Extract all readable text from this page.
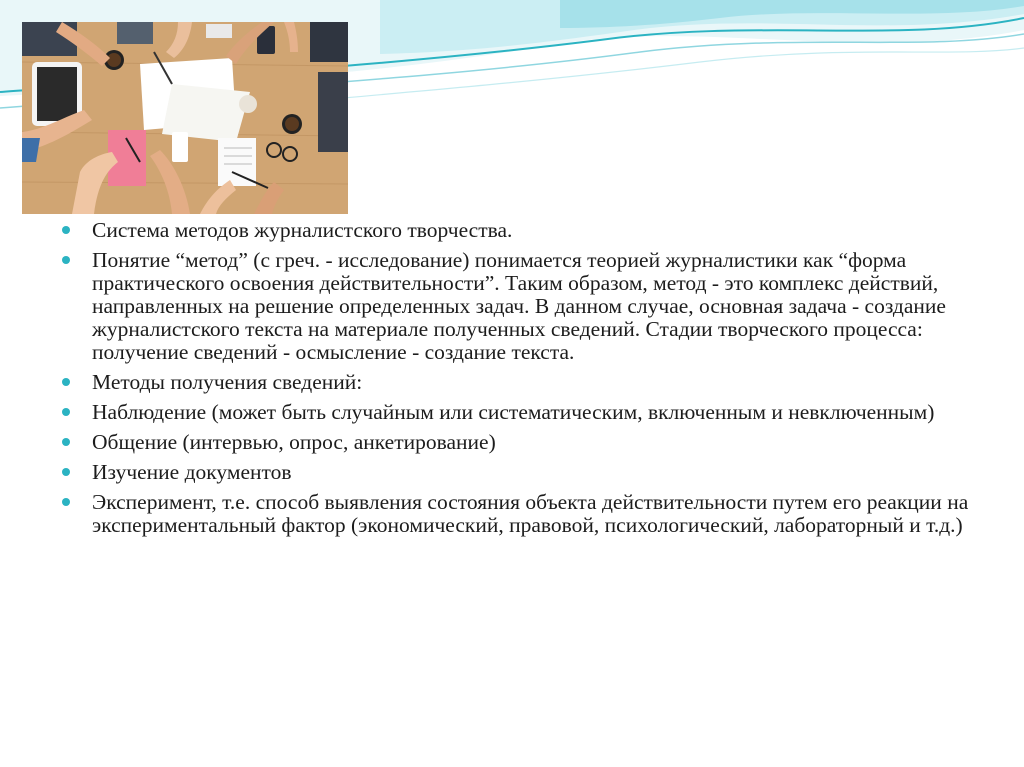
Система методов журналистского творчества.
Понятие “метод” (с греч. - исследование) понимается теорией журналистики как “форма практического освоения действительности”. Таким образом, метод - это комплекс действий, направленных на решение определенных задач. В данном случае, основная задача - создание журналистского текста на материале полученных сведений. Стадии творческого процесса: получение сведений - осмысление - создание текста.
Методы получения сведений:
Наблюдение (может быть случайным или систематическим, включенным и невключенным)
Общение (интервью, опрос, анкетирование)
Изучение документов
Эксперимент, т.е. способ выявления состояния объекта действительности путем его реакции на экспериментальный фактор (экономический, правовой, психологический, лабораторный и т.д.)
